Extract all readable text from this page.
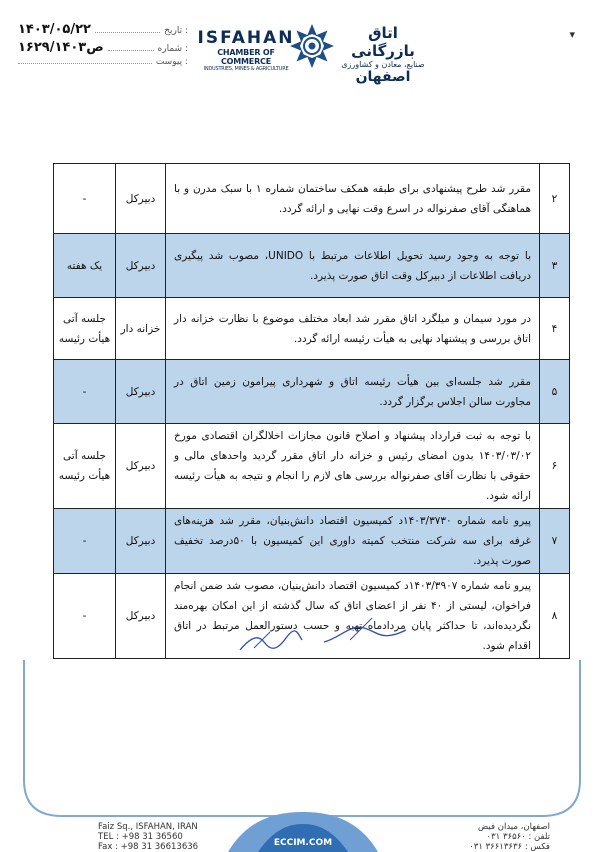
۱۴۰۳/۰۵/۲۲	تاریخ :
۱۶۲۹/ص۱۴۰۳	شماره :
پیوست :
ISFAHAN
CHAMBER OF COMMERCE
INDUSTRIES, MINES & AGRICULTURE
اتاق بازرگانی
صنایع، معادن و کشاورزی
اصفهان
▾
-	دبیرکل	مقرر شد طرح پیشنهادی برای طبقه همکف ساختمان شماره ۱ با سبک مدرن و با هماهنگی آقای صفرنواله در اسرع وقت نهایی و ارائه گردد.	۲
یک هفته	دبیرکل	با توجه به وجود رسید تحویل اطلاعات مرتبط با UNIDO، مصوب شد پیگیری دریافت اطلاعات از دبیرکل وقت اتاق صورت پذیرد.	۳
جلسه آتی هیأت رئیسه	خزانه دار	در مورد سیمان و میلگرد اتاق مقرر شد ابعاد مختلف موضوع با نظارت خزانه دار اتاق بررسی و پیشنهاد نهایی به هیأت رئیسه ارائه گردد.	۴
-	دبیرکل	مقرر شد جلسه‌ای بین هیأت رئیسه اتاق و شهرداری پیرامون زمین اتاق در مجاورت سالن اجلاس برگزار گردد.	۵
جلسه آتی هیأت رئیسه	دبیرکل	با توجه به ثبت قرارداد پیشنهاد و اصلاح قانون مجازات اخلالگران اقتصادی مورخ ۱۴۰۳/۰۳/۰۲ بدون امضای رئیس و خزانه دار اتاق مقرر گردید واحدهای مالی و حقوقی با نظارت آقای صفرنواله بررسی های لازم را انجام و نتیجه به هیأت رئیسه ارائه شود.	۶
-	دبیرکل	پیرو نامه شماره ۱۴۰۳/۳۷۳۰د کمیسیون اقتصاد دانش‌بنیان، مقرر شد هزینه‌های غرفه برای سه شرکت منتخب کمیته داوری این کمیسیون با ۵۰درصد تخفیف صورت پذیرد.	۷
-	دبیرکل	پیرو نامه شماره ۱۴۰۳/۳۹۰۷د کمیسیون اقتصاد دانش‌بنیان، مصوب شد ضمن انجام فراخوان، لیستی از ۴۰ نفر از اعضای اتاق که سال گذشته از این امکان بهره‌مند نگردیده‌اند، تا حداکثر پایان مردادماه تهیه و حسب دستورالعمل مرتبط در اتاق اقدام شود.	۸
Faiz Sq., ISFAHAN, IRAN
TEL : +98 31 36560
Fax : +98 31 36613636	ECCIM.COM
اصفهان، میدان فیض
تلفن : ۳۶۵۶۰ ۰۳۱
فکس : ۳۶۶۱۳۶۳۶ ۰۳۱
